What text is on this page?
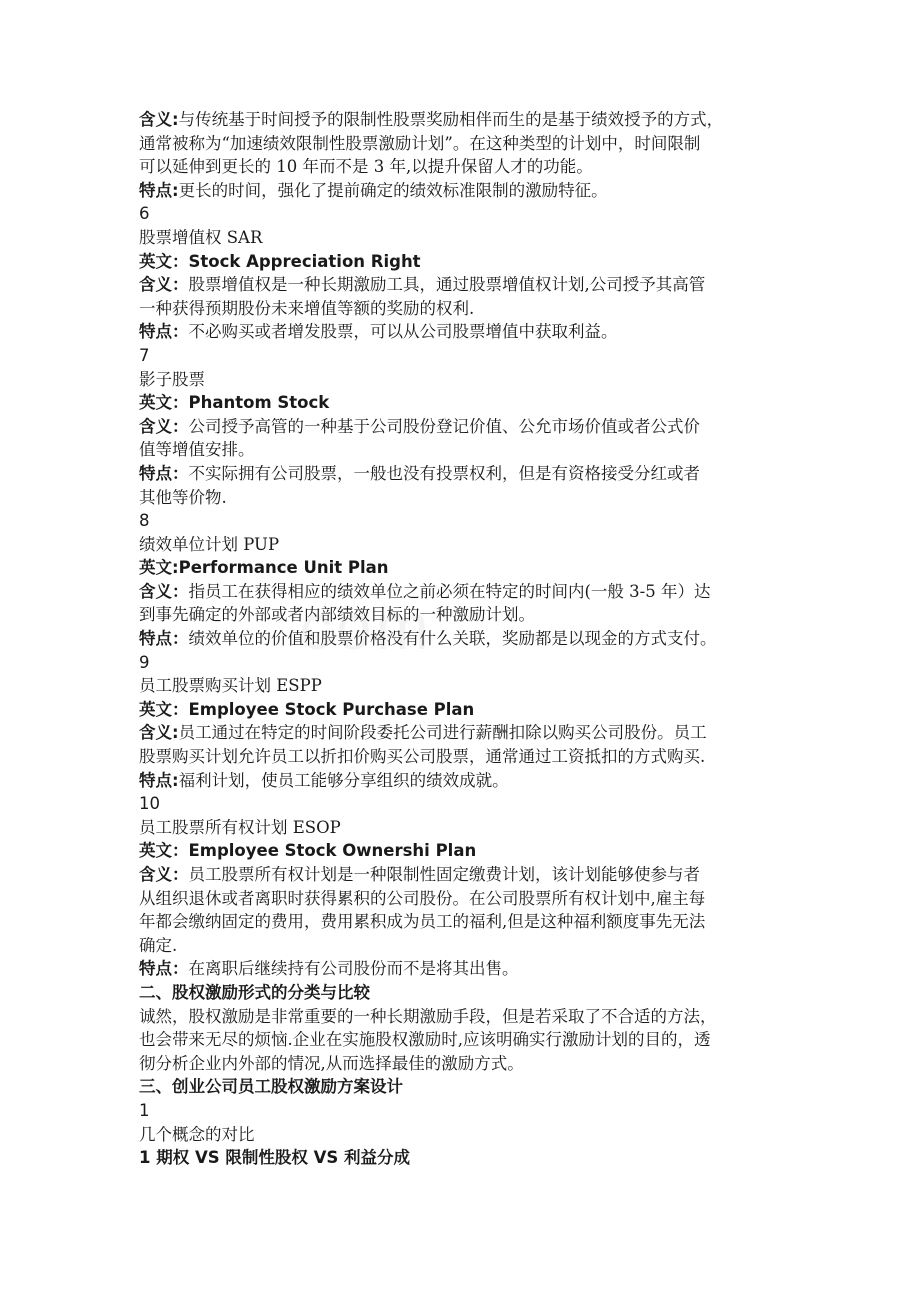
含义:与传统基于时间授予的限制性股票奖励相伴而生的是基于绩效授予的方式，
通常被称为“加速绩效限制性股票激励计划”。在这种类型的计划中，时间限制
可以延伸到更长的 10 年而不是 3 年,以提升保留人才的功能。
特点:更长的时间，强化了提前确定的绩效标准限制的激励特征。
6
股票增值权 SAR
英文：Stock Appreciation Right
含义：股票增值权是一种长期激励工具，通过股票增值权计划,公司授予其高管
一种获得预期股份未来增值等额的奖励的权利.
特点：不必购买或者增发股票，可以从公司股票增值中获取利益。
7
影子股票
英文：Phantom Stock
含义：公司授予高管的一种基于公司股份登记价值、公允市场价值或者公式价
值等增值安排。
特点：不实际拥有公司股票，一般也没有投票权利，但是有资格接受分红或者
其他等价物.
8
绩效单位计划 PUP
英文:Performance Unit Plan
含义：指员工在获得相应的绩效单位之前必须在特定的时间内(一般 3-5 年）达
到事先确定的外部或者内部绩效目标的一种激励计划。
特点：绩效单位的价值和股票价格没有什么关联，奖励都是以现金的方式支付。
9
员工股票购买计划 ESPP
英文：Employee Stock Purchase Plan
含义:员工通过在特定的时间阶段委托公司进行薪酬扣除以购买公司股份。员工
股票购买计划允许员工以折扣价购买公司股票，通常通过工资抵扣的方式购买.
特点:福利计划，使员工能够分享组织的绩效成就。
10
员工股票所有权计划 ESOP
英文：Employee Stock Ownershi Plan
含义：员工股票所有权计划是一种限制性固定缴费计划，该计划能够使参与者
从组织退休或者离职时获得累积的公司股份。在公司股票所有权计划中,雇主每
年都会缴纳固定的费用，费用累积成为员工的福利,但是这种福利额度事先无法
确定.
特点：在离职后继续持有公司股份而不是将其出售。
二、股权激励形式的分类与比较
诚然，股权激励是非常重要的一种长期激励手段，但是若采取了不合适的方法，
也会带来无尽的烦恼.企业在实施股权激励时,应该明确实行激励计划的目的，透
彻分析企业内外部的情况,从而选择最佳的激励方式。
三、创业公司员工股权激励方案设计
1
几个概念的对比
1 期权 VS 限制性股权 VS 利益分成
